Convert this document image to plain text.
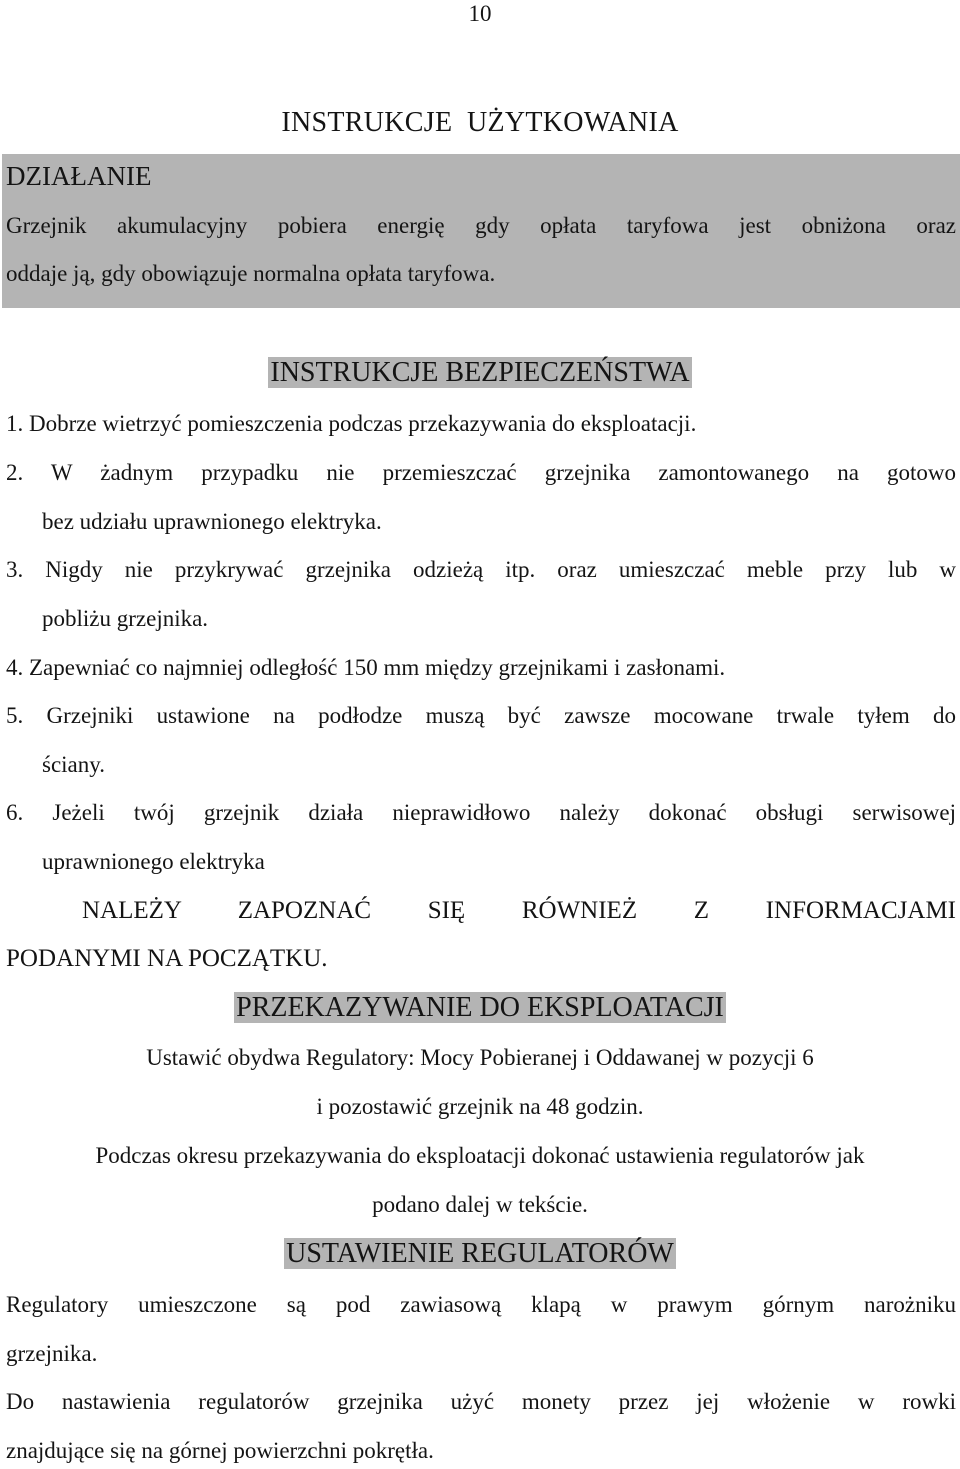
10
INSTRUKCJE  UŻYTKOWANIA
DZIAŁANIE
Grzejnik akumulacyjny pobiera energię gdy opłata taryfowa jest obniżona oraz
oddaje ją, gdy obowiązuje normalna opłata taryfowa.
INSTRUKCJE BEZPIECZEŃSTWA
1. Dobrze wietrzyć pomieszczenia podczas przekazywania do eksploatacji.
2. W żadnym przypadku nie przemieszczać grzejnika zamontowanego na gotowo
bez udziału uprawnionego elektryka.
3. Nigdy nie przykrywać grzejnika odzieżą itp. oraz umieszczać meble przy lub w
pobliżu grzejnika.
4. Zapewniać co najmniej odległość 150 mm między grzejnikami i zasłonami.
5. Grzejniki ustawione na podłodze muszą być zawsze mocowane trwale tyłem do
ściany.
6. Jeżeli twój grzejnik działa nieprawidłowo należy dokonać obsługi serwisowej
uprawnionego elektryka
NALEŻY ZAPOZNAĆ SIĘ RÓWNIEŻ Z INFORMACJAMI
PODANYMI NA POCZĄTKU.
PRZEKAZYWANIE DO EKSPLOATACJI
Ustawić obydwa Regulatory: Mocy Pobieranej i Oddawanej w pozycji 6
i pozostawić grzejnik na 48 godzin.
Podczas okresu przekazywania do eksploatacji dokonać ustawienia regulatorów jak
podano dalej w tekście.
USTAWIENIE REGULATORÓW
Regulatory umieszczone są pod zawiasową klapą w prawym górnym narożniku
grzejnika.
Do nastawienia regulatorów grzejnika użyć monety przez jej włożenie w rowki
znajdujące się na górnej powierzchni pokrętła.
